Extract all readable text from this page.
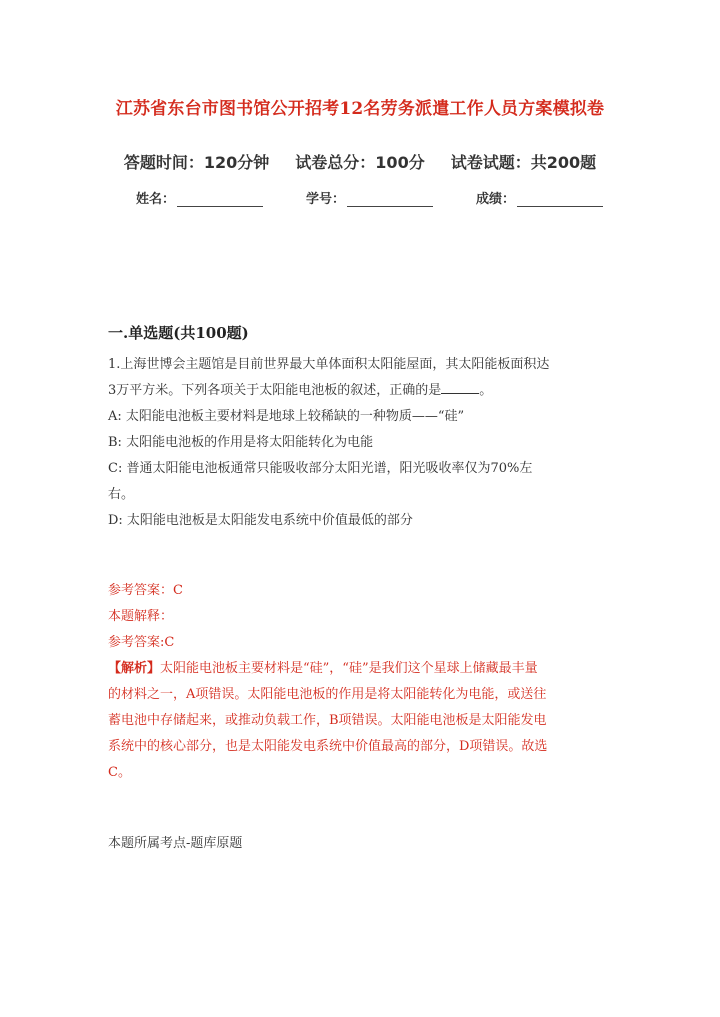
江苏省东台市图书馆公开招考12名劳务派遣工作人员方案模拟卷
答题时间：120分钟 试卷总分：100分 试卷试题：共200题
姓名：	学号：	成绩：
一.单选题(共100题)

1.上海世博会主题馆是目前世界最大单体面积太阳能屋面，其太阳能板面积达

3万平方米。下列各项关于太阳能电池板的叙述，正确的是	。

A: 太阳能电池板主要材料是地球上较稀缺的一种物质——“硅”

B: 太阳能电池板的作用是将太阳能转化为电能

C: 普通太阳能电池板通常只能吸收部分太阳光谱，阳光吸收率仅为70%左

右。

D: 太阳能电池板是太阳能发电系统中价值最低的部分

参考答案：C

本题解释：

参考答案:C

【解析】太阳能电池板主要材料是“硅”，“硅”是我们这个星球上储藏最丰量

的材料之一，A项错误。太阳能电池板的作用是将太阳能转化为电能，或送往

蓄电池中存储起来，或推动负载工作，B项错误。太阳能电池板是太阳能发电

系统中的核心部分，也是太阳能发电系统中价值最高的部分，D项错误。故选

C。

本题所属考点-题库原题
